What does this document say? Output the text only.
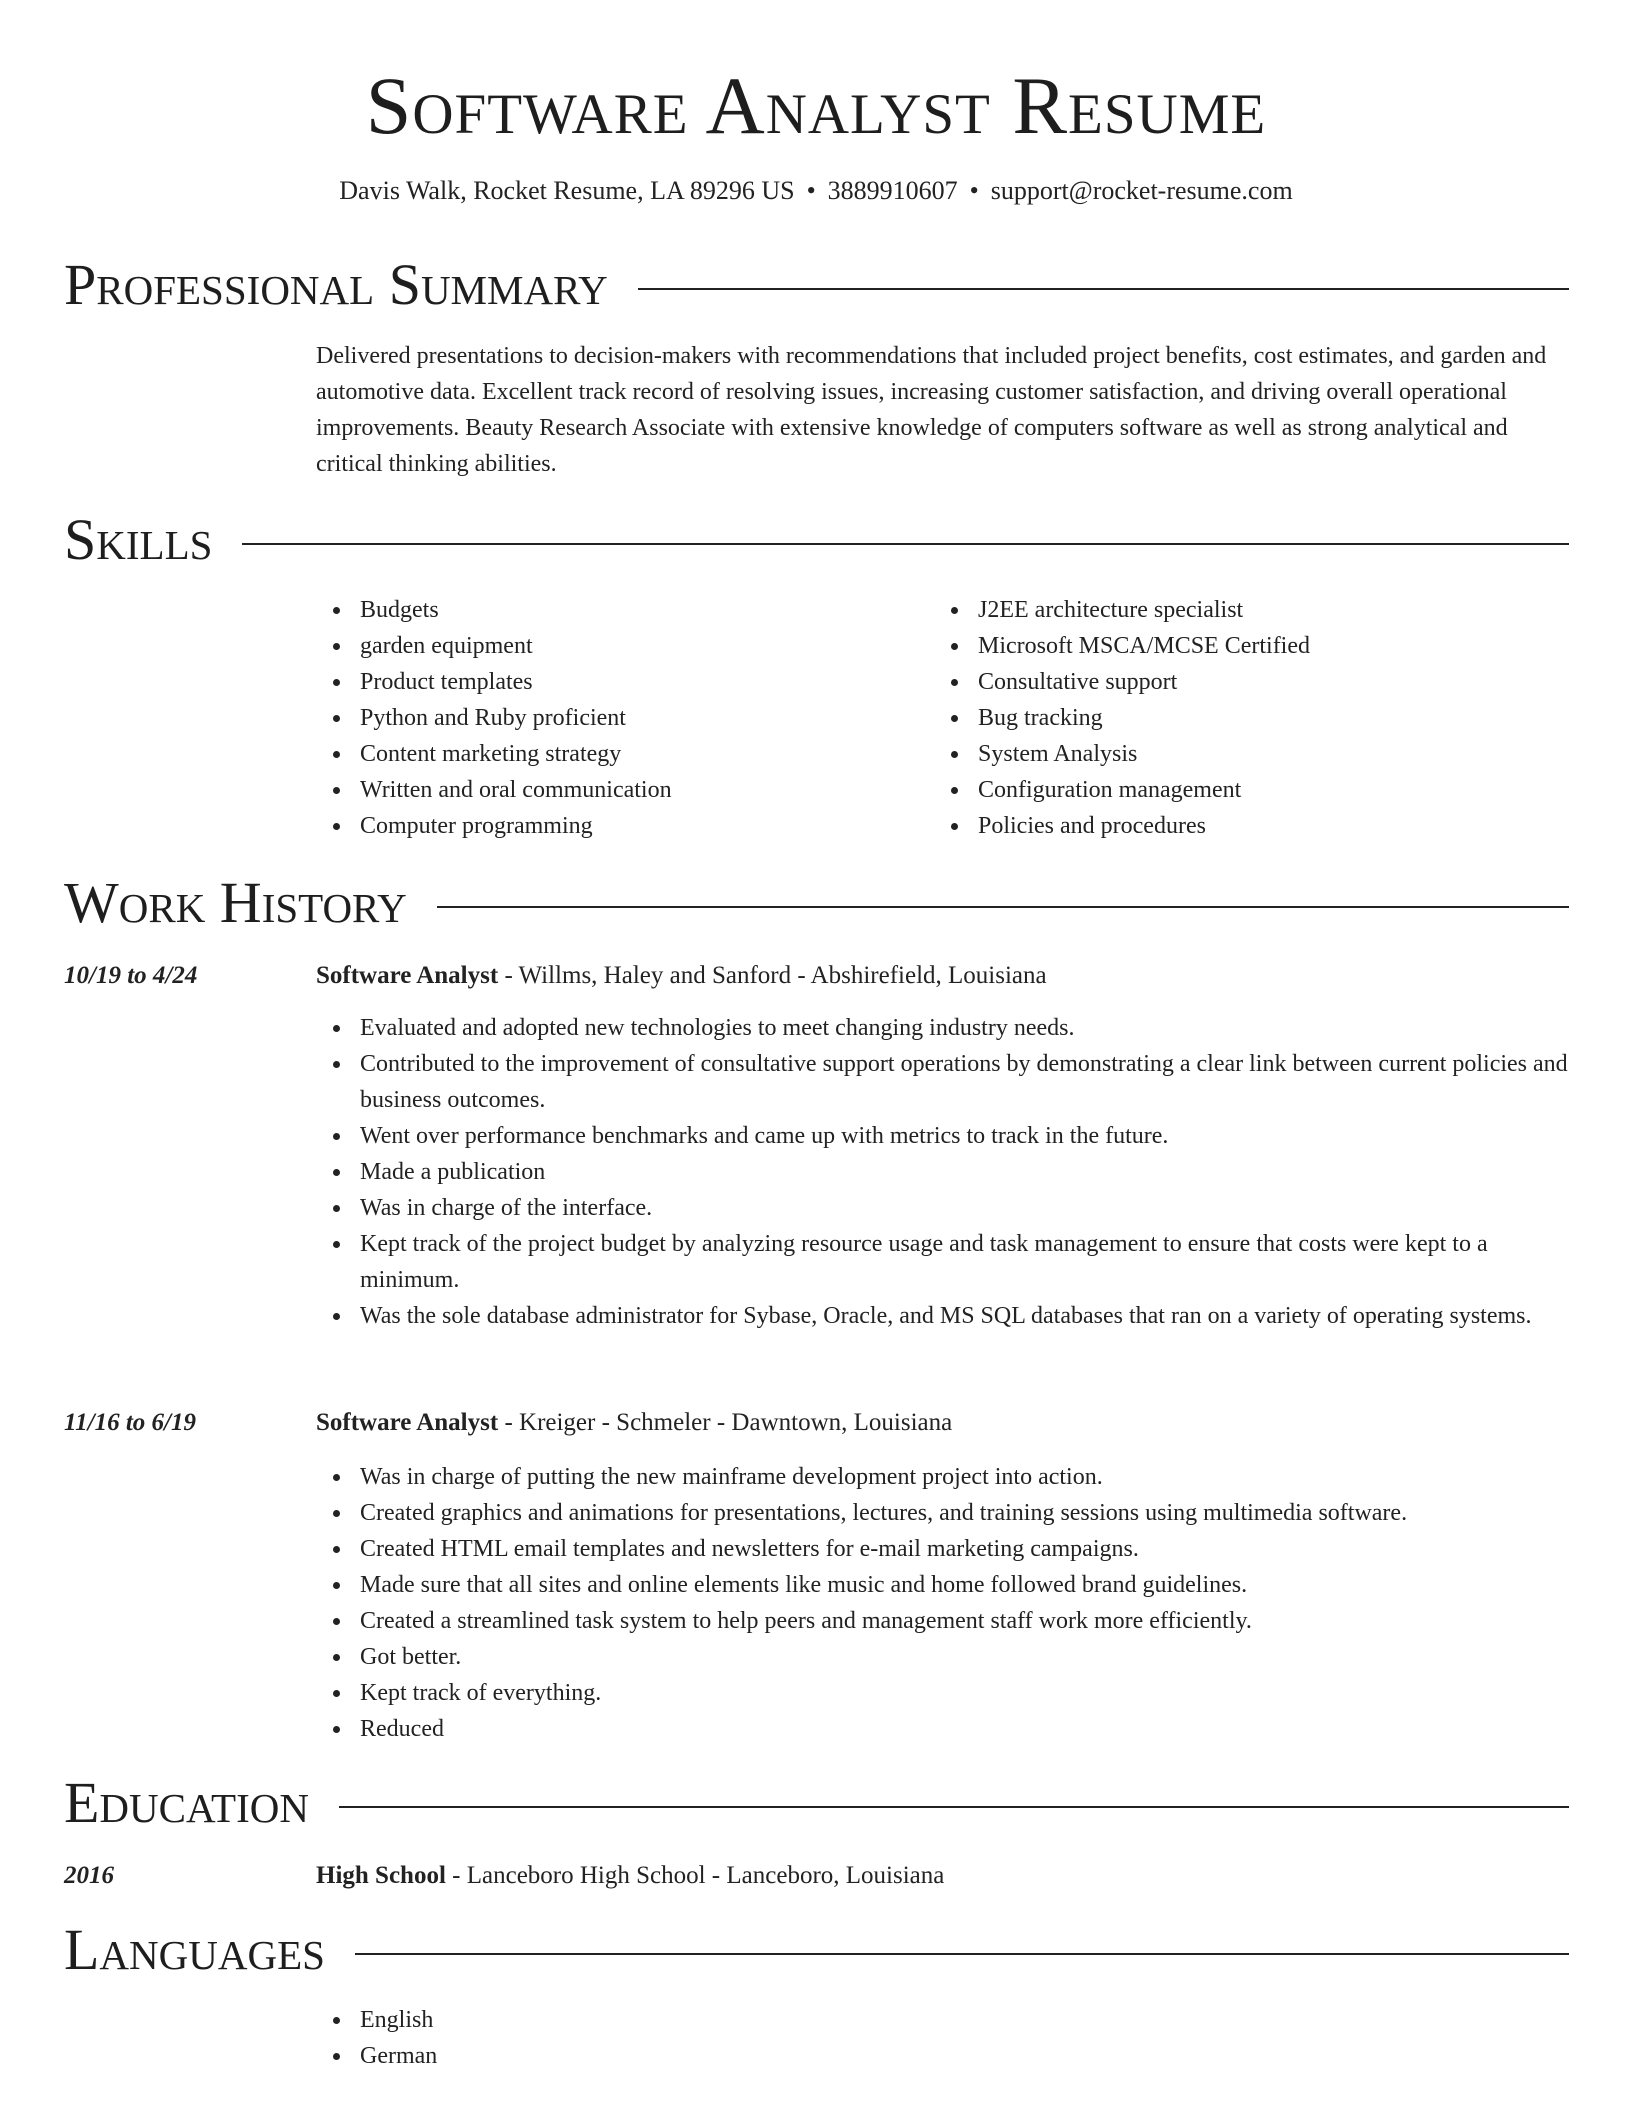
Software Analyst Resume
Davis Walk, Rocket Resume, LA 89296 US • 3889910607 • support@rocket-resume.com
Professional Summary

Delivered presentations to decision-makers with recommendations that included project benefits, cost estimates, and garden and automotive data. Excellent track record of resolving issues, increasing customer satisfaction, and driving overall operational improvements. Beauty Research Associate with extensive knowledge of computers software as well as strong analytical and critical thinking abilities.

Skills
Budgets
garden equipment
Product templates
Python and Ruby proficient
Content marketing strategy
Written and oral communication
Computer programming
J2EE architecture specialist
Microsoft MSCA/MCSE Certified
Consultative support
Bug tracking
System Analysis
Configuration management
Policies and procedures
Work History
10/19 to 4/24	Software Analyst - Willms, Haley and Sanford - Abshirefield, Louisiana
Evaluated and adopted new technologies to meet changing industry needs.
Contributed to the improvement of consultative support operations by demonstrating a clear link between current policies and business outcomes.
Went over performance benchmarks and came up with metrics to track in the future.
Made a publication
Was in charge of the interface.
Kept track of the project budget by analyzing resource usage and task management to ensure that costs were kept to a minimum.
Was the sole database administrator for Sybase, Oracle, and MS SQL databases that ran on a variety of operating systems.
11/16 to 6/19	Software Analyst - Kreiger - Schmeler - Dawntown, Louisiana
Was in charge of putting the new mainframe development project into action.
Created graphics and animations for presentations, lectures, and training sessions using multimedia software.
Created HTML email templates and newsletters for e-mail marketing campaigns.
Made sure that all sites and online elements like music and home followed brand guidelines.
Created a streamlined task system to help peers and management staff work more efficiently.
Got better.
Kept track of everything.
Reduced
Education
2016	High School - Lanceboro High School - Lanceboro, Louisiana
Languages
English
German
